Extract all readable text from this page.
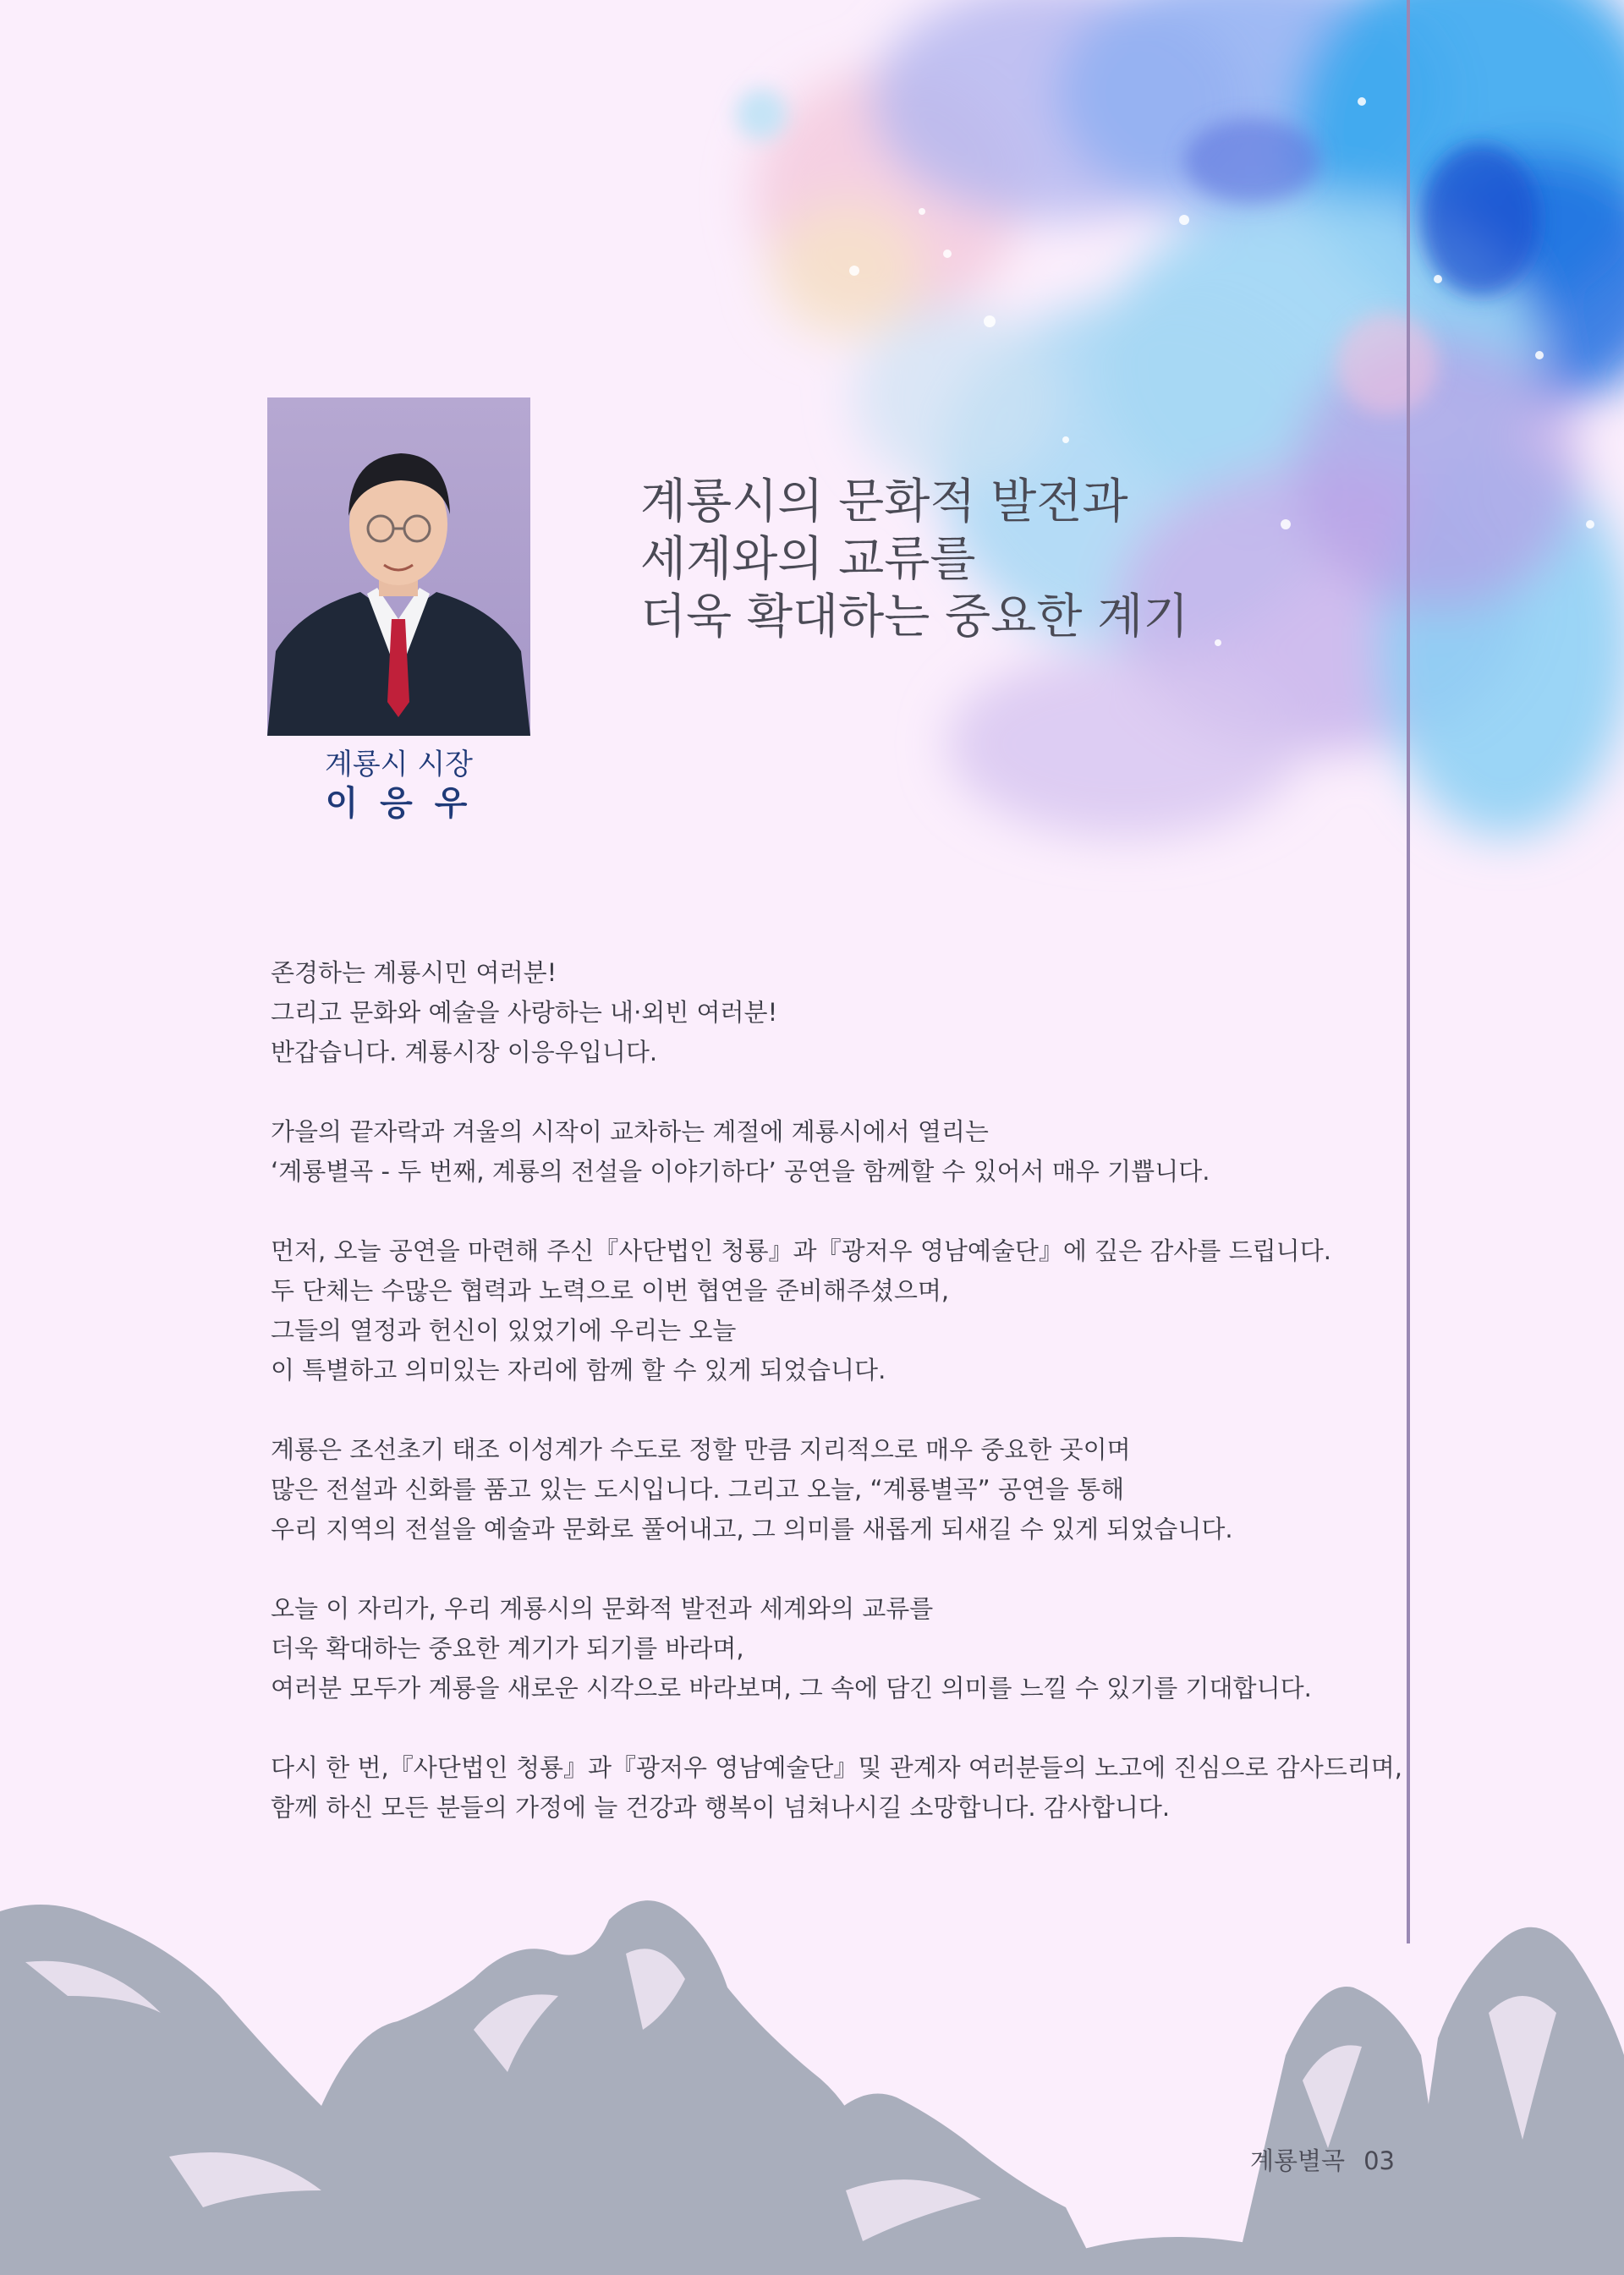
계룡시 시장
이 응 우
계룡시의 문화적 발전과
세계와의 교류를
더욱 확대하는 중요한 계기

존경하는 계룡시민 여러분!
그리고 문화와 예술을 사랑하는 내·외빈 여러분!
반갑습니다. 계룡시장 이응우입니다.

가을의 끝자락과 겨울의 시작이 교차하는 계절에 계룡시에서 열리는
‘계룡별곡 - 두 번째, 계룡의 전설을 이야기하다’ 공연을 함께할 수 있어서 매우 기쁩니다.

먼저, 오늘 공연을 마련해 주신『사단법인 청룡』과『광저우 영남예술단』에 깊은 감사를 드립니다.
두 단체는 수많은 협력과 노력으로 이번 협연을 준비해주셨으며,
그들의 열정과 헌신이 있었기에 우리는 오늘
이 특별하고 의미있는 자리에 함께 할 수 있게 되었습니다.

계룡은 조선초기 태조 이성계가 수도로 정할 만큼 지리적으로 매우 중요한 곳이며
많은 전설과 신화를 품고 있는 도시입니다. 그리고 오늘, “계룡별곡” 공연을 통해
우리 지역의 전설을 예술과 문화로 풀어내고, 그 의미를 새롭게 되새길 수 있게 되었습니다.

오늘 이 자리가, 우리 계룡시의 문화적 발전과 세계와의 교류를
더욱 확대하는 중요한 계기가 되기를 바라며,
여러분 모두가 계룡을 새로운 시각으로 바라보며, 그 속에 담긴 의미를 느낄 수 있기를 기대합니다.

다시 한 번,『사단법인 청룡』과『광저우 영남예술단』및 관계자 여러분들의 노고에 진심으로 감사드리며,
함께 하신 모든 분들의 가정에 늘 건강과 행복이 넘쳐나시길 소망합니다. 감사합니다.

계룡별곡 03
